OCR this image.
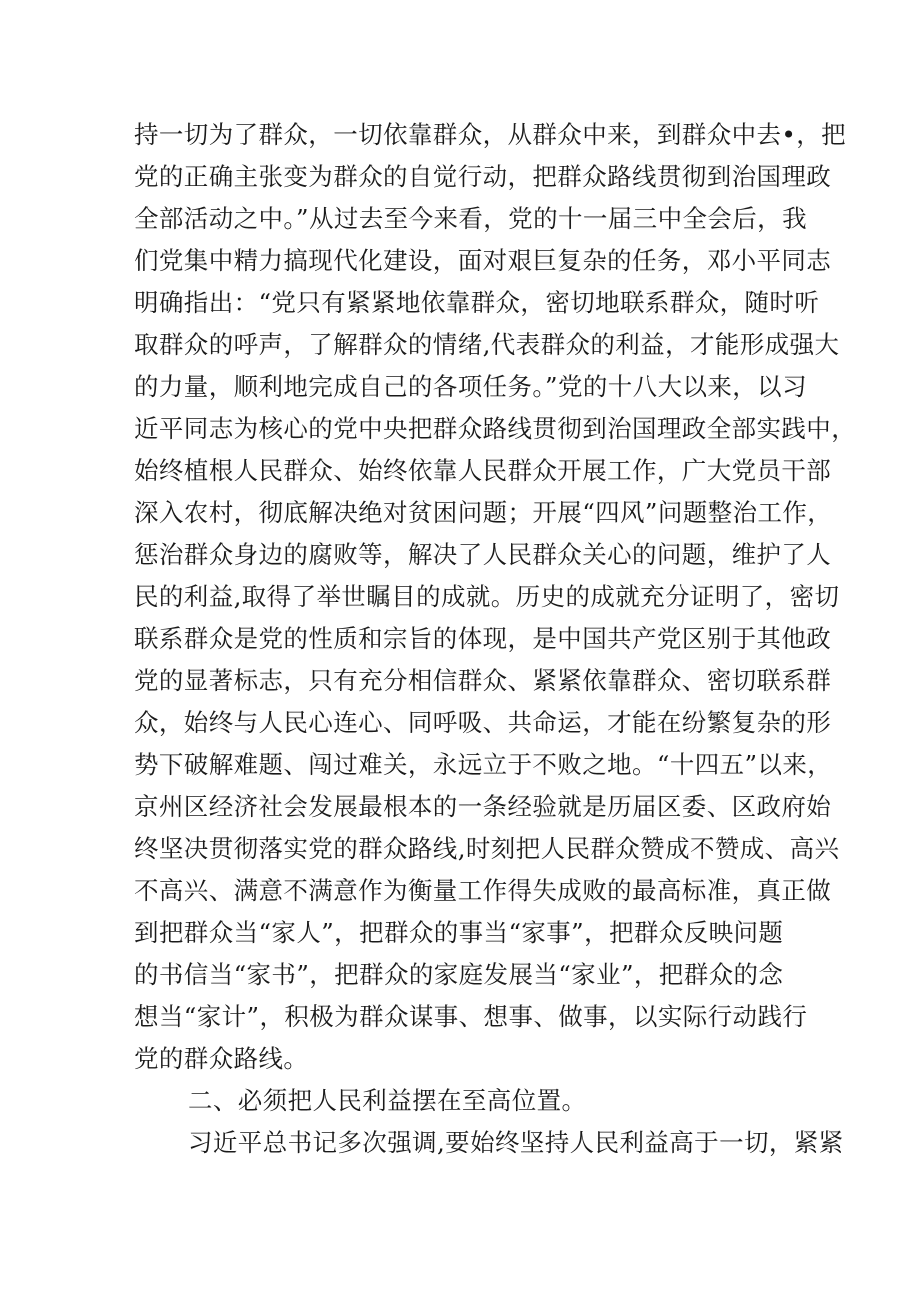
持一切为了群众，一切依靠群众，从群众中来，到群众中去•，把
党的正确主张变为群众的自觉行动，把群众路线贯彻到治国理政
全部活动之中。”从过去至今来看，党的十一届三中全会后，我
们党集中精力搞现代化建设，面对艰巨复杂的任务，邓小平同志
明确指出：“党只有紧紧地依靠群众，密切地联系群众，随时听
取群众的呼声，了解群众的情绪,代表群众的利益，才能形成强大
的力量，顺利地完成自己的各项任务。”党的十八大以来，以习
近平同志为核心的党中央把群众路线贯彻到治国理政全部实践中，
始终植根人民群众、始终依靠人民群众开展工作，广大党员干部
深入农村，彻底解决绝对贫困问题；开展“四风”问题整治工作，
惩治群众身边的腐败等，解决了人民群众关心的问题，维护了人
民的利益,取得了举世瞩目的成就。历史的成就充分证明了，密切
联系群众是党的性质和宗旨的体现，是中国共产党区别于其他政
党的显著标志，只有充分相信群众、紧紧依靠群众、密切联系群
众，始终与人民心连心、同呼吸、共命运，才能在纷繁复杂的形
势下破解难题、闯过难关，永远立于不败之地。“十四五”以来，
京州区经济社会发展最根本的一条经验就是历届区委、区政府始
终坚决贯彻落实党的群众路线,时刻把人民群众赞成不赞成、高兴
不高兴、满意不满意作为衡量工作得失成败的最高标准，真正做
到把群众当“家人”，把群众的事当“家事”，把群众反映问题
的书信当“家书”，把群众的家庭发展当“家业”，把群众的念
想当“家计”，积极为群众谋事、想事、做事，以实际行动践行
党的群众路线。
二、必须把人民利益摆在至高位置。
习近平总书记多次强调,要始终坚持人民利益高于一切，紧紧
